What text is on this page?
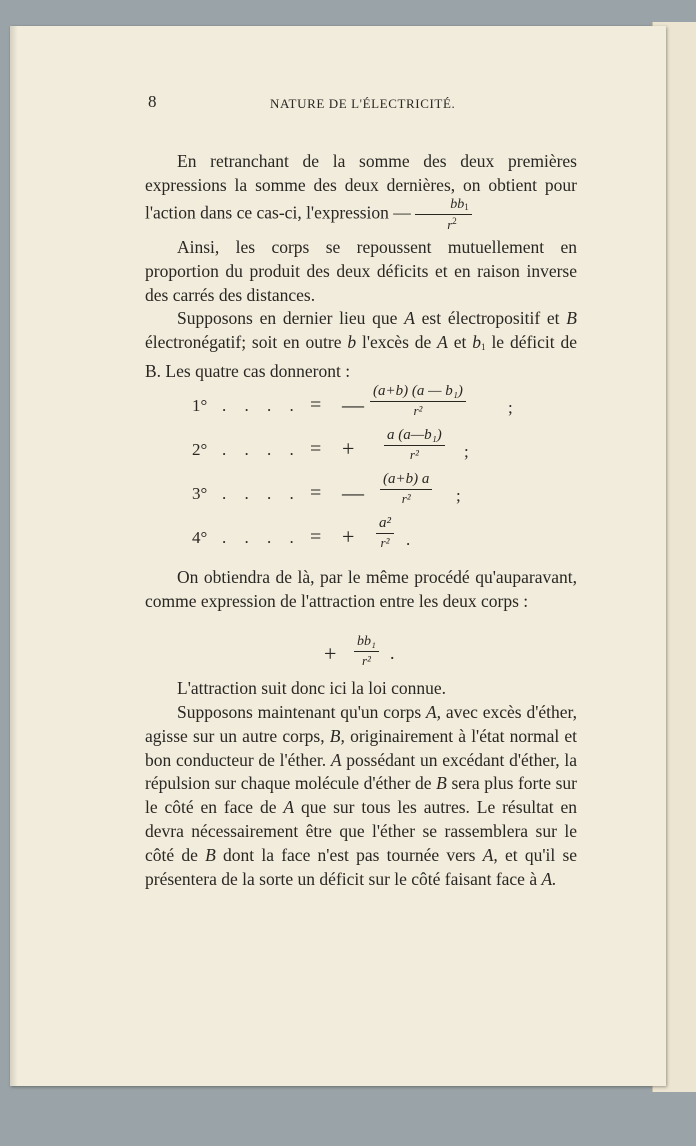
8	NATURE DE L'ÉLECTRICITÉ.
En retranchant de la somme des deux premières expressions la somme des deux dernières, on obtient pour l'action dans ce cas-ci, l'expression — $\frac{bb_1}{r^2}$
Ainsi, les corps se repoussent mutuellement en proportion du produit des deux déficits et en raison inverse des carrés des distances.
Supposons en dernier lieu que A est électropositif et B électronégatif; soit en outre b l'excès de A et $b_1$ le déficit de B. Les quatre cas donneront :
1° . . . . = — $\frac{\text{(a+b) (a — b₁)}}{\text{r²}}$ ;
2° . . . . = + $\frac{\text{a (a—b₁)}}{\text{r²}}$ ;
3° . . . . = — $\frac{(a+b) a}{\text{r²}}$ ;
4° . . . . = + $\frac{\text{a²}}{\text{r²}}$ .
On obtiendra de là, par le même procédé qu'auparavant, comme expression de l'attraction entre les deux corps :
+ $\frac{\text{bb₁}}{\text{r²}}$ .
L'attraction suit donc ici la loi connue.
Supposons maintenant qu'un corps A, avec excès d'éther, agisse sur un autre corps, B, originairement à l'état normal et bon conducteur de l'éther. A possédant un excédant d'éther, la répulsion sur chaque molécule d'éther de B sera plus forte sur le côté en face de A que sur tous les autres. Le résultat en devra nécessairement être que l'éther se rassemblera sur le côté de B dont la face n'est pas tournée vers A, et qu'il se présentera de la sorte un déficit sur le côté faisant face à A.
